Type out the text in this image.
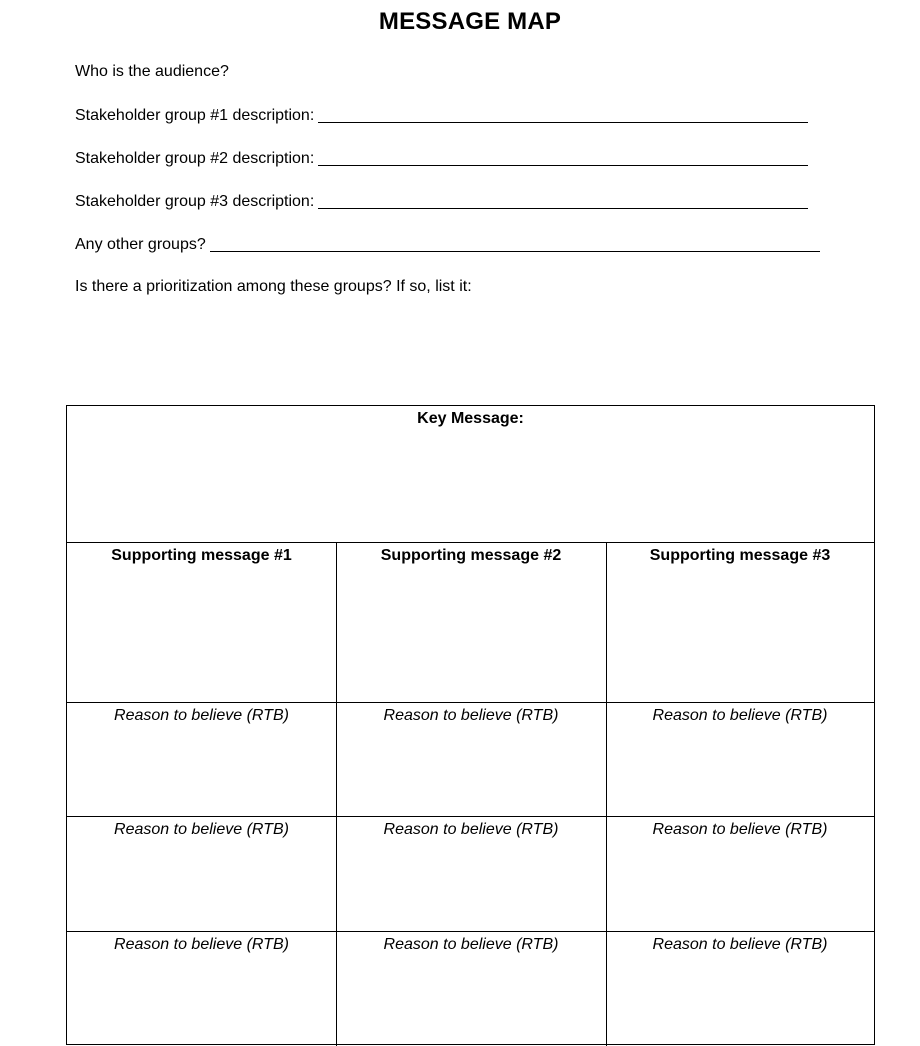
MESSAGE MAP
Who is the audience?
Stakeholder group #1 description:
Stakeholder group #2 description:
Stakeholder group #3 description:
Any other groups?
Is there a prioritization among these groups? If so, list it:
Key Message:
Supporting message #1	Supporting message #2	Supporting message #3
Reason to believe (RTB)	Reason to believe (RTB)	Reason to believe (RTB)
Reason to believe (RTB)	Reason to believe (RTB)	Reason to believe (RTB)
Reason to believe (RTB)	Reason to believe (RTB)	Reason to believe (RTB)
